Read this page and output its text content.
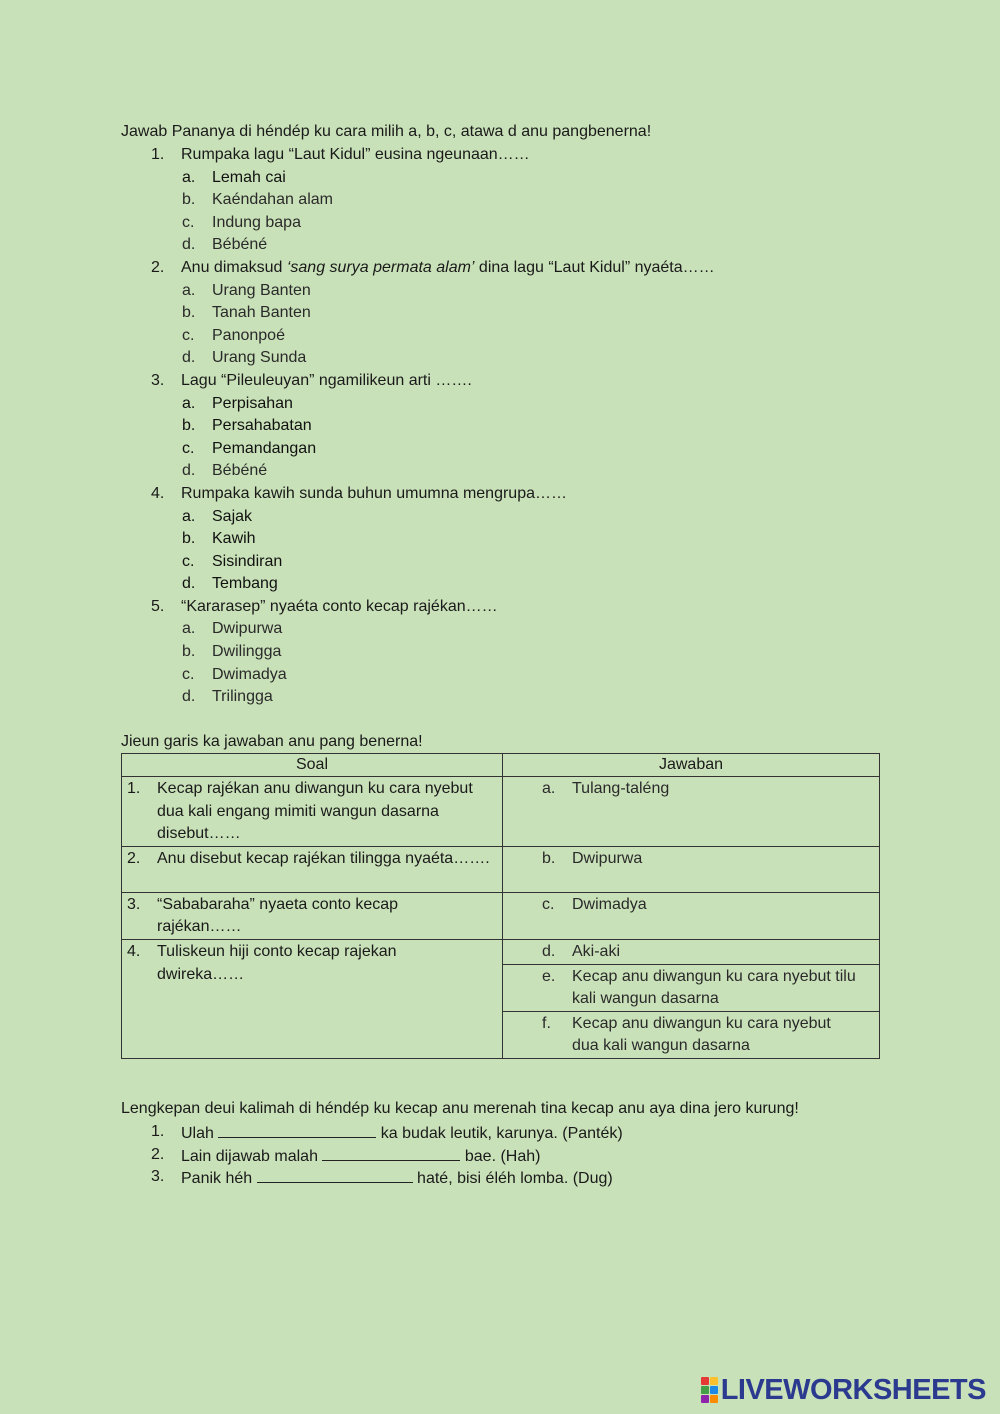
Jawab Pananya di héndép ku cara milih a, b, c, atawa d anu pangbenerna!
1. Rumpaka lagu “Laut Kidul” eusina ngeunaan……
a. Lemah cai
b. Kaéndahan alam
c. Indung bapa
d. Bébéné
2. Anu dimaksud ‘sang surya permata alam’ dina lagu “Laut Kidul” nyaéta……
a. Urang Banten
b. Tanah Banten
c. Panonpoé
d. Urang Sunda
3. Lagu “Pileuleuyan” ngamilikeun arti …….
a. Perpisahan
b. Persahabatan
c. Pemandangan
d. Bébéné
4. Rumpaka kawih sunda buhun umumna mengrupa……
a. Sajak
b. Kawih
c. Sisindiran
d. Tembang
5. “Kararasep” nyaéta conto kecap rajékan……
a. Dwipurwa
b. Dwilingga
c. Dwimadya
d. Trilingga
Jieun garis ka jawaban anu pang benerna!
Soal	Jawaban

1. Kecap rajékan anu diwangun ku cara nyebut dua kali engang mimiti wangun dasarna disebut……	a. Tulang-taléng

2. Anu disebut kecap rajékan tilingga nyaéta…….	b. Dwipurwa

3. “Sababaraha” nyaeta conto kecap rajékan……	c. Dwimadya

4. Tuliskeun hiji conto kecap rajekan dwireka……	d. Aki-aki

	e. Kecap anu diwangun ku cara nyebut tilu kali wangun dasarna

	f. Kecap anu diwangun ku cara nyebut dua kali wangun dasarna
Lengkepan deui kalimah di héndép ku kecap anu merenah tina kecap anu aya dina jero kurung!
1. Ulah	ka budak leutik, karunya. (Panték)
2. Lain dijawab malah	bae. (Hah)
3. Panik héh	haté, bisi éléh lomba. (Dug)
LIVEWORKSHEETS
